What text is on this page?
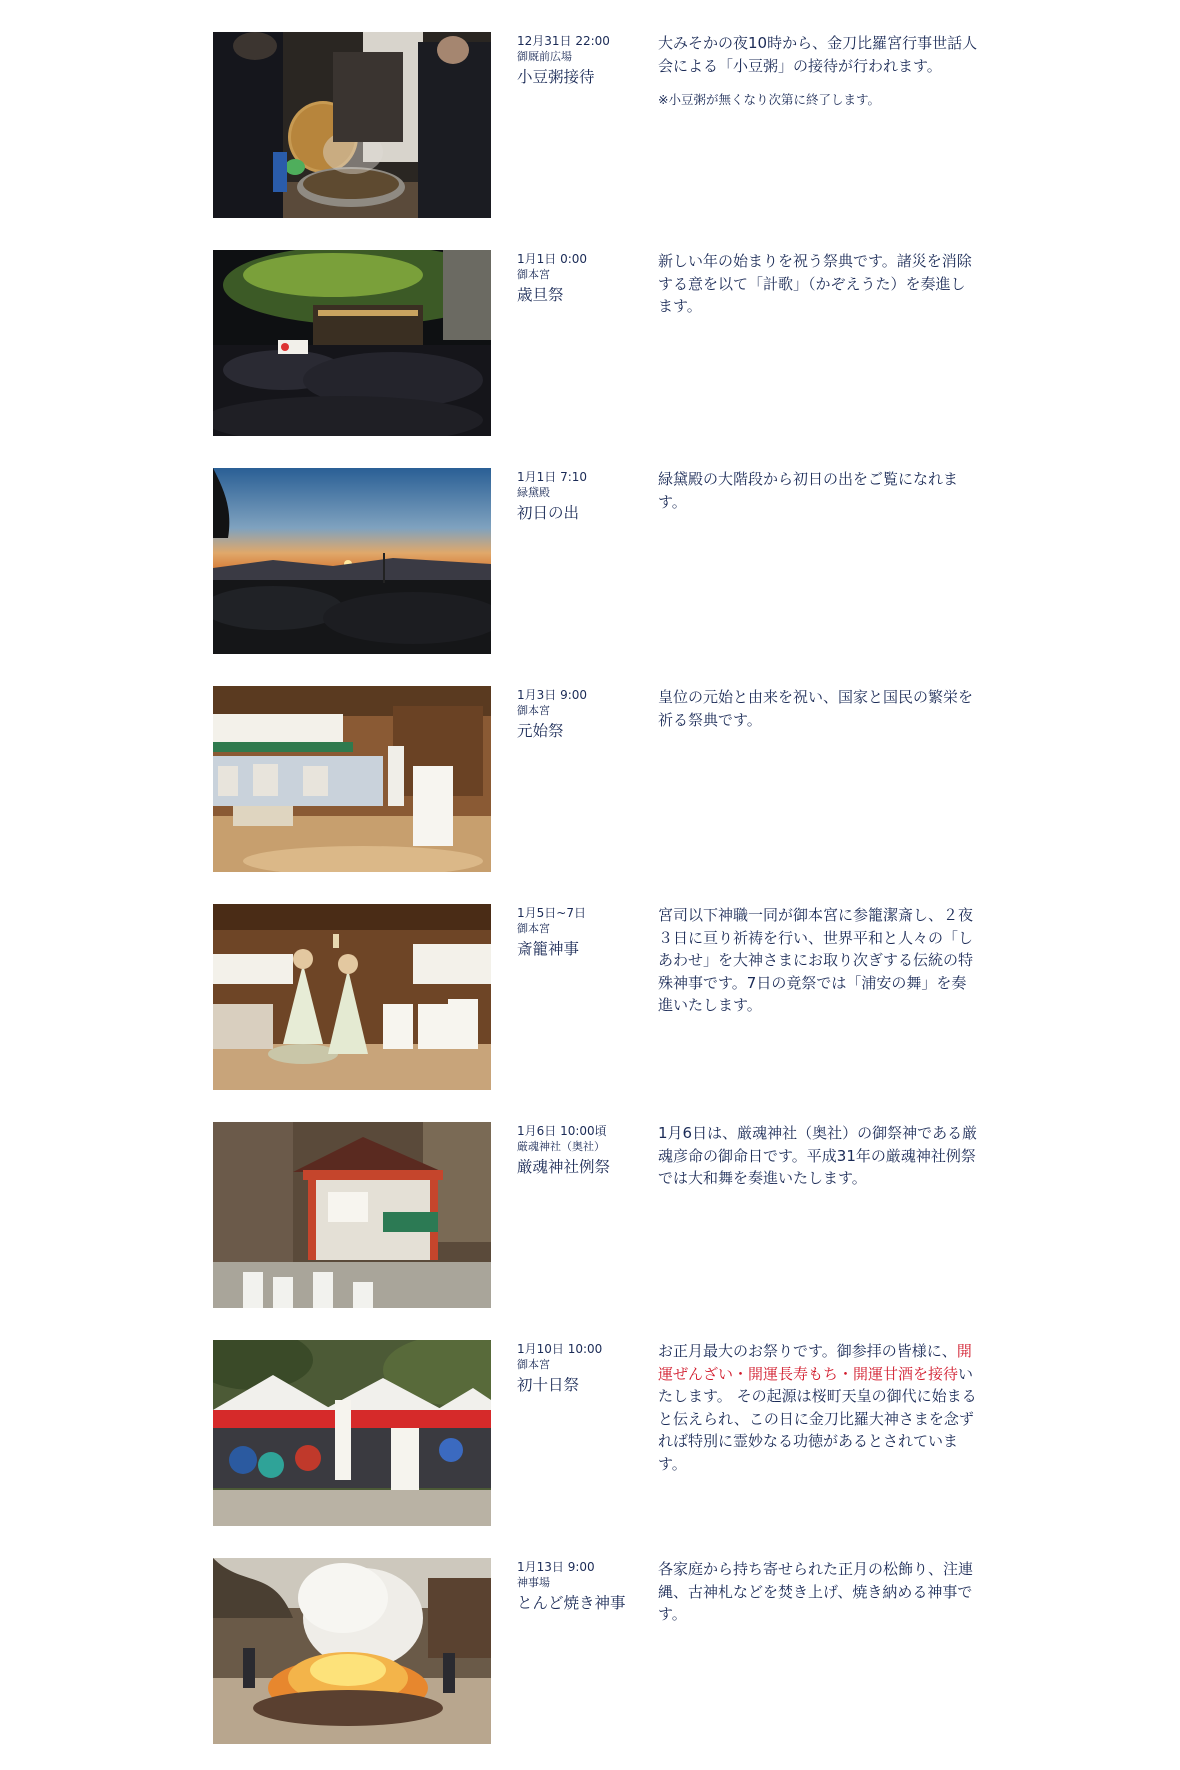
12月31日 22:00
御厩前広場
小豆粥接待

大みそかの夜10時から、金刀比羅宮行事世話人会による「小豆粥」の接待が行われます。

※小豆粥が無くなり次第に終了します。

1月1日 0:00
御本宮
歳旦祭

新しい年の始まりを祝う祭典です。諸災を消除する意を以て「計歌」（かぞえうた）を奏進します。

1月1日 7:10
緑黛殿
初日の出

緑黛殿の大階段から初日の出をご覧になれます。

1月3日 9:00
御本宮
元始祭

皇位の元始と由来を祝い、国家と国民の繁栄を祈る祭典です。

1月5日~7日
御本宮
斎籠神事

宮司以下神職一同が御本宮に参籠潔斎し、２夜３日に亘り祈祷を行い、世界平和と人々の「しあわせ」を大神さまにお取り次ぎする伝統の特殊神事です。7日の竟祭では「浦安の舞」を奏進いたします。

1月6日 10:00頃
厳魂神社（奥社）
厳魂神社例祭

1月6日は、厳魂神社（奥社）の御祭神である厳魂彦命の御命日です。平成31年の厳魂神社例祭では大和舞を奏進いたします。

1月10日 10:00
御本宮
初十日祭

お正月最大のお祭りです。御参拝の皆様に、開運ぜんざい・開運長寿もち・開運甘酒を接待いたします。 その起源は桜町天皇の御代に始まると伝えられ、この日に金刀比羅大神さまを念ずれば特別に霊妙なる功徳があるとされています。

1月13日 9:00
神事場
とんど焼き神事

各家庭から持ち寄せられた正月の松飾り、注連縄、古神札などを焚き上げ、焼き納める神事です。
